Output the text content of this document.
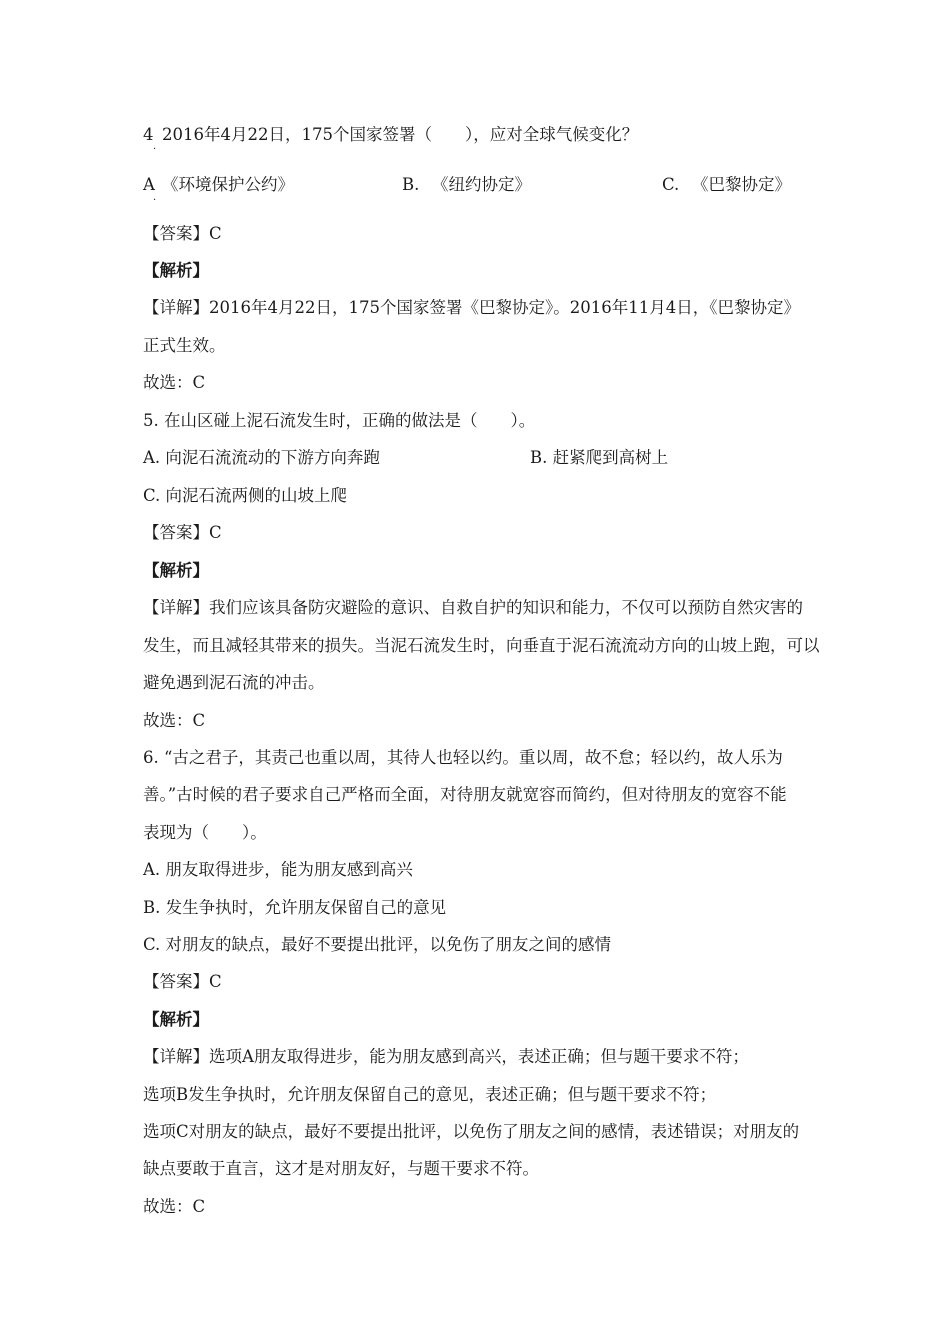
4
·
2016年4月22日，175个国家签署（　　），应对全球气候变化？
A
·
《环境保护公约》	B. 《纽约协定》	C. 《巴黎协定》
【答案】C
【解析】
【详解】2016年4月22日，175个国家签署《巴黎协定》。2016年11月4日，《巴黎协定》
正式生效。
故选：C
5. 在山区碰上泥石流发生时，正确的做法是（　　）。
A. 向泥石流流动的下游方向奔跑	B. 赶紧爬到高树上
C. 向泥石流两侧的山坡上爬
【答案】C
【解析】
【详解】我们应该具备防灾避险的意识、自救自护的知识和能力，不仅可以预防自然灾害的
发生，而且减轻其带来的损失。当泥石流发生时，向垂直于泥石流流动方向的山坡上跑，可以
避免遇到泥石流的冲击。
故选：C
6. “古之君子，其责己也重以周，其待人也轻以约。重以周，故不怠；轻以约，故人乐为
善。”古时候的君子要求自己严格而全面，对待朋友就宽容而简约，但对待朋友的宽容不能
表现为（　　）。
A. 朋友取得进步，能为朋友感到高兴
B. 发生争执时，允许朋友保留自己的意见
C. 对朋友的缺点，最好不要提出批评，以免伤了朋友之间的感情
【答案】C
【解析】
【详解】选项A朋友取得进步，能为朋友感到高兴，表述正确；但与题干要求不符；
选项B发生争执时，允许朋友保留自己的意见，表述正确；但与题干要求不符；
选项C对朋友的缺点，最好不要提出批评，以免伤了朋友之间的感情，表述错误；对朋友的
缺点要敢于直言，这才是对朋友好，与题干要求不符。
故选：C
